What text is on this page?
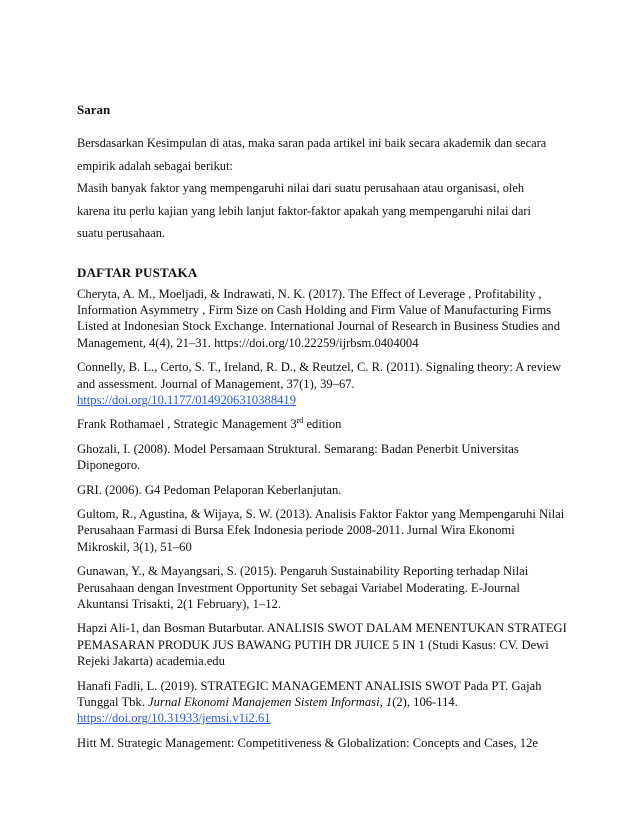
Saran

Bersdasarkan Kesimpulan di atas, maka saran pada artikel ini baik secara akademik dan secara

empirik adalah sebagai berikut:

Masih banyak faktor yang mempengaruhi nilai dari suatu perusahaan atau organisasi, oleh

karena itu perlu kajian yang lebih lanjut faktor-faktor apakah yang mempengaruhi nilai dari

suatu perusahaan.

DAFTAR PUSTAKA
Cheryta, A. M., Moeljadi, & Indrawati, N. K. (2017). The Effect of Leverage , Profitability , Information Asymmetry , Firm Size on Cash Holding and Firm Value of Manufacturing Firms Listed at Indonesian Stock Exchange. International Journal of Research in Business Studies and Management, 4(4), 21–31. https://doi.org/10.22259/ijrbsm.0404004
Connelly, B. L., Certo, S. T., Ireland, R. D., & Reutzel, C. R. (2011). Signaling theory: A review and assessment. Journal of Management, 37(1), 39–67.
https://doi.org/10.1177/0149206310388419
Frank Rothamael , Strategic Management 3rd edition
Ghozali, I. (2008). Model Persamaan Struktural. Semarang: Badan Penerbit Universitas Diponegoro.
GRI. (2006). G4 Pedoman Pelaporan Keberlanjutan.
Gultom, R., Agustina, & Wijaya, S. W. (2013). Analisis Faktor Faktor yang Mempengaruhi Nilai Perusahaan Farmasi di Bursa Efek Indonesia periode 2008-2011. Jurnal Wira Ekonomi Mikroskil, 3(1), 51–60
Gunawan, Y., & Mayangsari, S. (2015). Pengaruh Sustainability Reporting terhadap Nilai Perusahaan dengan Investment Opportunity Set sebagai Variabel Moderating. E-Journal Akuntansi Trisakti, 2(1 February), 1–12.
Hapzi Ali-1, dan Bosman Butarbutar. ANALISIS SWOT DALAM MENENTUKAN STRATEGI PEMASARAN PRODUK JUS BAWANG PUTIH DR JUICE 5 IN 1 (Studi Kasus: CV. Dewi Rejeki Jakarta) academia.edu
Hanafi Fadli, L. (2019). STRATEGIC MANAGEMENT ANALISIS SWOT Pada PT. Gajah Tunggal Tbk. Jurnal Ekonomi Manajemen Sistem Informasi, 1(2), 106-114.
https://doi.org/10.31933/jemsi.v1i2.61
Hitt M. Strategic Management: Competitiveness & Globalization: Concepts and Cases, 12e
